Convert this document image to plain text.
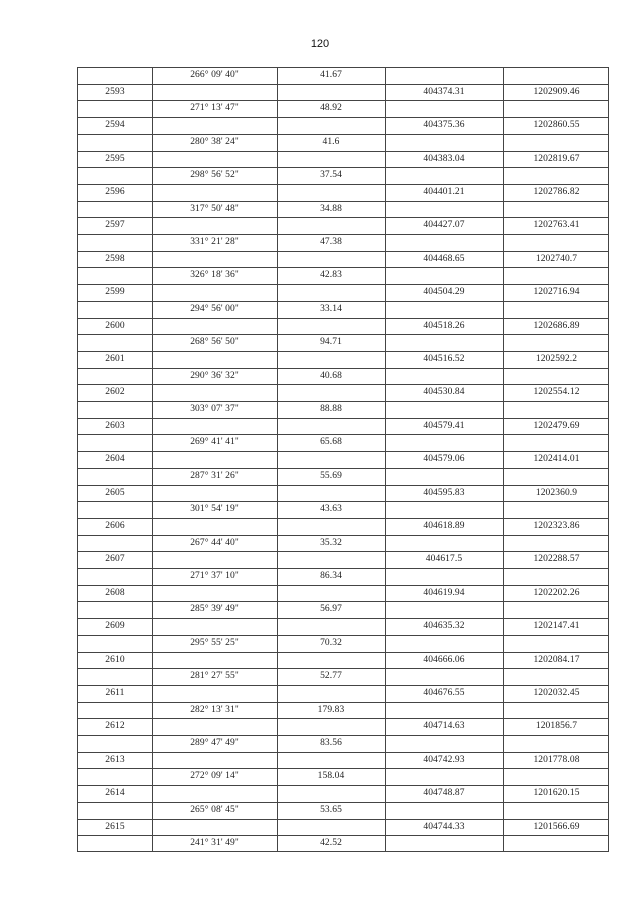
120
266° 09' 40"	41.67
2593	404374.31	1202909.46
271° 13' 47"	48.92
2594	404375.36	1202860.55
280° 38' 24"	41.6
2595	404383.04	1202819.67
298° 56' 52"	37.54
2596	404401.21	1202786.82
317° 50' 48"	34.88
2597	404427.07	1202763.41
331° 21' 28"	47.38
2598	404468.65	1202740.7
326° 18' 36"	42.83
2599	404504.29	1202716.94
294° 56' 00"	33.14
2600	404518.26	1202686.89
268° 56' 50"	94.71
2601	404516.52	1202592.2
290° 36' 32"	40.68
2602	404530.84	1202554.12
303° 07' 37"	88.88
2603	404579.41	1202479.69
269° 41' 41"	65.68
2604	404579.06	1202414.01
287° 31' 26"	55.69
2605	404595.83	1202360.9
301° 54' 19"	43.63
2606	404618.89	1202323.86
267° 44' 40"	35.32
2607	404617.5	1202288.57
271° 37' 10"	86.34
2608	404619.94	1202202.26
285° 39' 49"	56.97
2609	404635.32	1202147.41
295° 55' 25"	70.32
2610	404666.06	1202084.17
281° 27' 55"	52.77
2611	404676.55	1202032.45
282° 13' 31"	179.83
2612	404714.63	1201856.7
289° 47' 49"	83.56
2613	404742.93	1201778.08
272° 09' 14"	158.04
2614	404748.87	1201620.15
265° 08' 45"	53.65
2615	404744.33	1201566.69
241° 31' 49"	42.52
